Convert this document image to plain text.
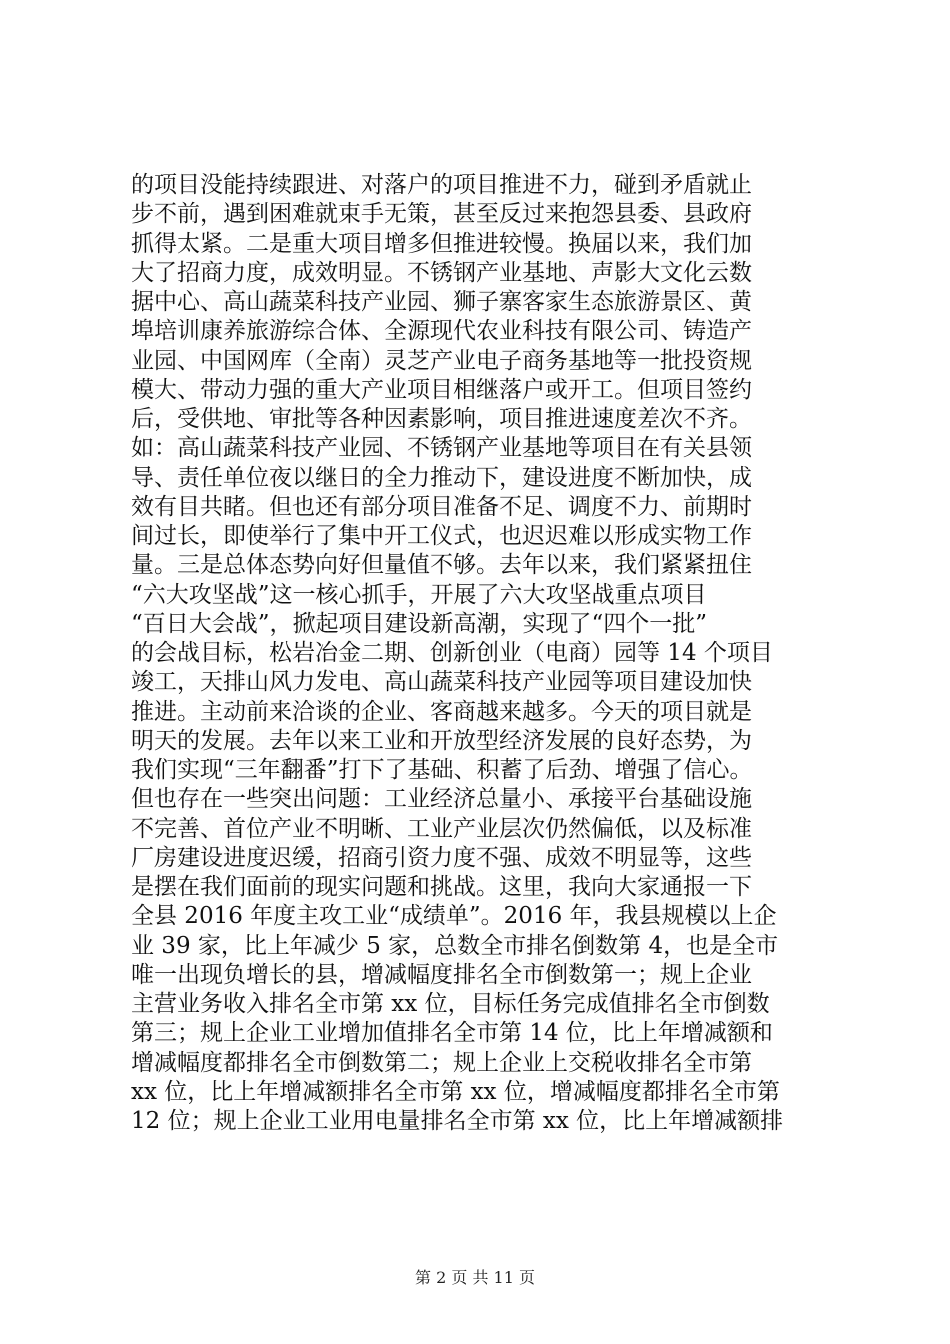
的项目没能持续跟进、对落户的项目推进不力，碰到矛盾就止
步不前，遇到困难就束手无策，甚至反过来抱怨县委、县政府
抓得太紧。二是重大项目增多但推进较慢。换届以来，我们加
大了招商力度，成效明显。不锈钢产业基地、声影大文化云数
据中心、高山蔬菜科技产业园、狮子寨客家生态旅游景区、黄
埠培训康养旅游综合体、全源现代农业科技有限公司、铸造产
业园、中国网库（全南）灵芝产业电子商务基地等一批投资规
模大、带动力强的重大产业项目相继落户或开工。但项目签约
后，受供地、审批等各种因素影响，项目推进速度差次不齐。
如：高山蔬菜科技产业园、不锈钢产业基地等项目在有关县领
导、责任单位夜以继日的全力推动下，建设进度不断加快，成
效有目共睹。但也还有部分项目准备不足、调度不力、前期时
间过长，即使举行了集中开工仪式，也迟迟难以形成实物工作
量。三是总体态势向好但量值不够。去年以来，我们紧紧扭住
“六大攻坚战”这一核心抓手，开展了六大攻坚战重点项目
“百日大会战”，掀起项目建设新高潮，实现了“四个一批”
的会战目标，松岩冶金二期、创新创业（电商）园等 14 个项目
竣工，天排山风力发电、高山蔬菜科技产业园等项目建设加快
推进。主动前来洽谈的企业、客商越来越多。今天的项目就是
明天的发展。去年以来工业和开放型经济发展的良好态势，为
我们实现“三年翻番”打下了基础、积蓄了后劲、增强了信心。
但也存在一些突出问题：工业经济总量小、承接平台基础设施
不完善、首位产业不明晰、工业产业层次仍然偏低，以及标准
厂房建设进度迟缓，招商引资力度不强、成效不明显等，这些
是摆在我们面前的现实问题和挑战。这里，我向大家通报一下
全县 2016 年度主攻工业“成绩单”。2016 年，我县规模以上企
业 39 家，比上年减少 5 家，总数全市排名倒数第 4，也是全市
唯一出现负增长的县，增减幅度排名全市倒数第一；规上企业
主营业务收入排名全市第 xx 位，目标任务完成值排名全市倒数
第三；规上企业工业增加值排名全市第 14 位，比上年增减额和
增减幅度都排名全市倒数第二；规上企业上交税收排名全市第
xx 位，比上年增减额排名全市第 xx 位，增减幅度都排名全市第
12 位；规上企业工业用电量排名全市第 xx 位，比上年增减额排
第 2 页 共 11 页
